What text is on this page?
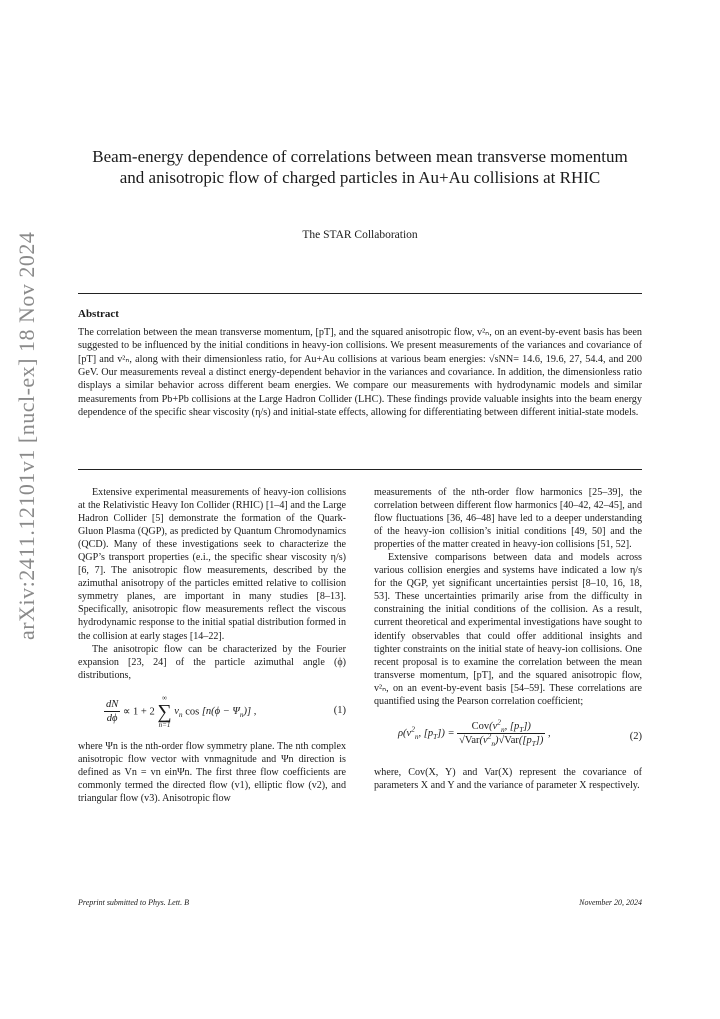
arXiv:2411.12101v1 [nucl-ex] 18 Nov 2024
Beam-energy dependence of correlations between mean transverse momentum and anisotropic flow of charged particles in Au+Au collisions at RHIC
The STAR Collaboration
Abstract
The correlation between the mean transverse momentum, [pT], and the squared anisotropic flow, v²ₙ, on an event-by-event basis has been suggested to be influenced by the initial conditions in heavy-ion collisions. We present measurements of the variances and covariance of [pT] and v²ₙ, along with their dimensionless ratio, for Au+Au collisions at various beam energies: √sNN= 14.6, 19.6, 27, 54.4, and 200 GeV. Our measurements reveal a distinct energy-dependent behavior in the variances and covariance. In addition, the dimensionless ratio displays a similar behavior across different beam energies. We compare our measurements with hydrodynamic models and similar measurements from Pb+Pb collisions at the Large Hadron Collider (LHC). These findings provide valuable insights into the beam energy dependence of the specific shear viscosity (η/s) and initial-state effects, allowing for differentiating between different initial-state models.

Extensive experimental measurements of heavy-ion collisions at the Relativistic Heavy Ion Collider (RHIC) [1–4] and the Large Hadron Collider [5] demonstrate the formation of the Quark-Gluon Plasma (QGP), as predicted by Quantum Chromodynamics (QCD). Many of these investigations seek to characterize the QGP’s transport properties (e.i., the specific shear viscosity η/s) [6, 7]. The anisotropic flow measurements, described by the azimuthal anisotropy of the particles emitted relative to collision symmetry planes, are important in many studies [8–13]. Specifically, anisotropic flow measurements reflect the viscous hydrodynamic response to the initial spatial distribution formed in the collision at early stages [14–22].

The anisotropic flow can be characterized by the Fourier expansion [23, 24] of the particle azimuthal angle (ϕ) distributions,

$\frac{dN}{d\phi} \propto 1 + 2$
∞
∑
n=1
$v_n$ $\cos [n(\phi - \Psi_n)]$ ,	(1)

where Ψn is the nth-order flow symmetry plane. The nth complex anisotropic flow vector with vnmagnitude and Ψn direction is defined as Vn = vn einΨn. The first three flow coefficients are commonly termed the directed flow (v1), elliptic flow (v2), and triangular flow (v3). Anisotropic flow

measurements of the nth-order flow harmonics [25–39], the correlation between different flow harmonics [40–42, 42–45], and flow fluctuations [36, 46–48] have led to a deeper understanding of the heavy-ion collision’s initial conditions [49, 50] and the properties of the matter created in heavy-ion collisions [51, 52].

Extensive comparisons between data and models across various collision energies and systems have indicated a low η/s for the QGP, yet significant uncertainties persist [8–10, 16, 18, 53]. These uncertainties primarily arise from the difficulty in constraining the initial conditions of the collision. As a result, current theoretical and experimental investigations have sought to identify observables that could offer additional insights and tighter constraints on the initial state of heavy-ion collisions. One recent proposal is to examine the correlation between the mean transverse momentum, [pT], and the squared anisotropic flow, v²ₙ, on an event-by-event basis [54–59]. These correlations are quantified using the Pearson correlation coefficient;

$\rho(v^2_n$, $[p_T]) = \frac{Cov(v^2_n, [p_T])}{√Var(v^2_n)√Var([p_T])}$ ,	(2)

where, Cov(X, Y) and Var(X) represent the covariance of parameters X and Y and the variance of parameter X respectively.

Preprint submitted to Phys. Lett. B	November 20, 2024
